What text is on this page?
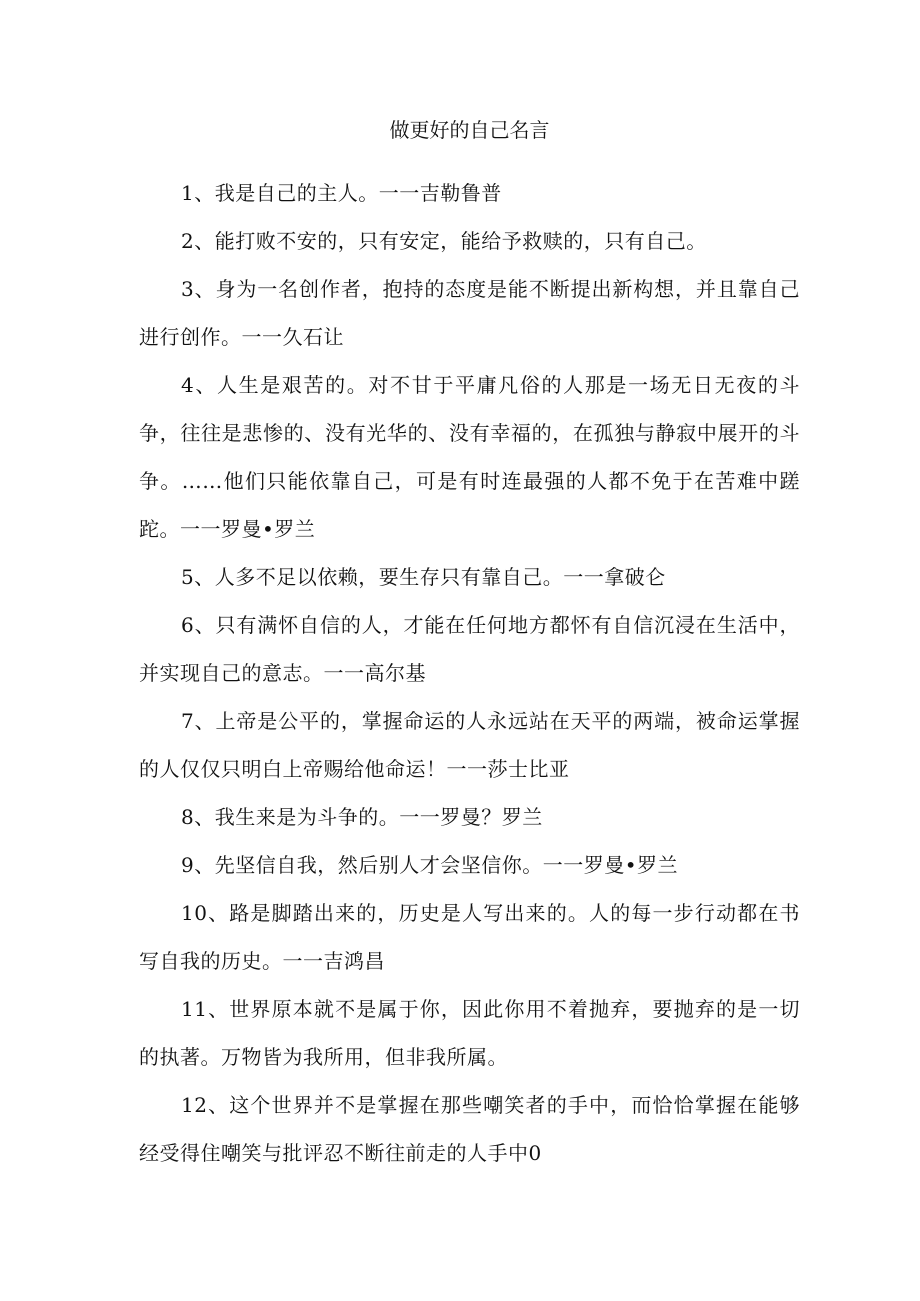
做更好的自己名言

1、我是自己的主人。一一吉勒鲁普

2、能打败不安的，只有安定，能给予救赎的，只有自己。

3、身为一名创作者，抱持的态度是能不断提出新构想，并且靠自己进行创作。一一久石让

4、人生是艰苦的。对不甘于平庸凡俗的人那是一场无日无夜的斗争，往往是悲惨的、没有光华的、没有幸福的，在孤独与静寂中展开的斗争。……他们只能依靠自己，可是有时连最强的人都不免于在苦难中蹉跎。一一罗曼•罗兰

5、人多不足以依赖，要生存只有靠自己。一一拿破仑

6、只有满怀自信的人，才能在任何地方都怀有自信沉浸在生活中，并实现自己的意志。一一高尔基

7、上帝是公平的，掌握命运的人永远站在天平的两端，被命运掌握的人仅仅只明白上帝赐给他命运！一一莎士比亚

8、我生来是为斗争的。一一罗曼？罗兰

9、先坚信自我，然后别人才会坚信你。一一罗曼•罗兰

10、路是脚踏出来的，历史是人写出来的。人的每一步行动都在书写自我的历史。一一吉鸿昌

11、世界原本就不是属于你，因此你用不着抛弃，要抛弃的是一切的执著。万物皆为我所用，但非我所属。

12、这个世界并不是掌握在那些嘲笑者的手中，而恰恰掌握在能够经受得住嘲笑与批评忍不断往前走的人手中0
